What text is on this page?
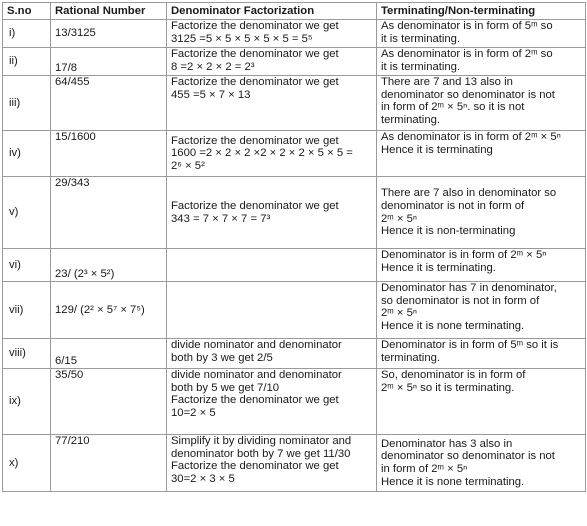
S.no	Rational Number	Denominator Factorization	Terminating/Non-terminating
i)	13/3125	Factorize the denominator we get
3125 =5 × 5 × 5 × 5 × 5 = 5⁵	As denominator is in form of 5ᵐ so
it is terminating.

ii)	17/8	Factorize the denominator we get
8 =2 × 2 × 2 = 2³	As denominator is in form of 2ᵐ so
it is terminating.

iii)	64/455	Factorize the denominator we get
455 =5 × 7 × 13	There are 7 and 13 also in
denominator so denominator is not
in form of 2ᵐ × 5ⁿ. so it is not
terminating.

iv)	15/1600	Factorize the denominator we get
1600 =2 × 2 × 2 ×2 × 2 × 2 × 5 × 5 =
2⁶ × 5²	As denominator is in form of 2ᵐ × 5ⁿ
Hence it is terminating

v)	29/343	Factorize the denominator we get
343 = 7 × 7 × 7 = 7³	There are 7 also in denominator so
denominator is not in form of
2ᵐ × 5ⁿ
Hence it is non-terminating

vi)	23/ (2³ × 5²)		Denominator is in form of 2ᵐ × 5ⁿ
Hence it is terminating.

vii)	129/ (2² × 5⁷ × 7⁵)		Denominator has 7 in denominator,
so denominator is not in form of
2ᵐ × 5ⁿ
Hence it is none terminating.

viii)	6/15	divide nominator and denominator
both by 3 we get 2/5	Denominator is in form of 5ᵐ so it is
terminating.

ix)	35/50	divide nominator and denominator
both by 5 we get 7/10
Factorize the denominator we get
10=2 × 5	So, denominator is in form of
2ᵐ × 5ⁿ so it is terminating.

x)	77/210	Simplify it by dividing nominator and
denominator both by 7 we get 11/30
Factorize the denominator we get
30=2 × 3 × 5	Denominator has 3 also in
denominator so denominator is not
in form of 2ᵐ × 5ⁿ
Hence it is none terminating.
